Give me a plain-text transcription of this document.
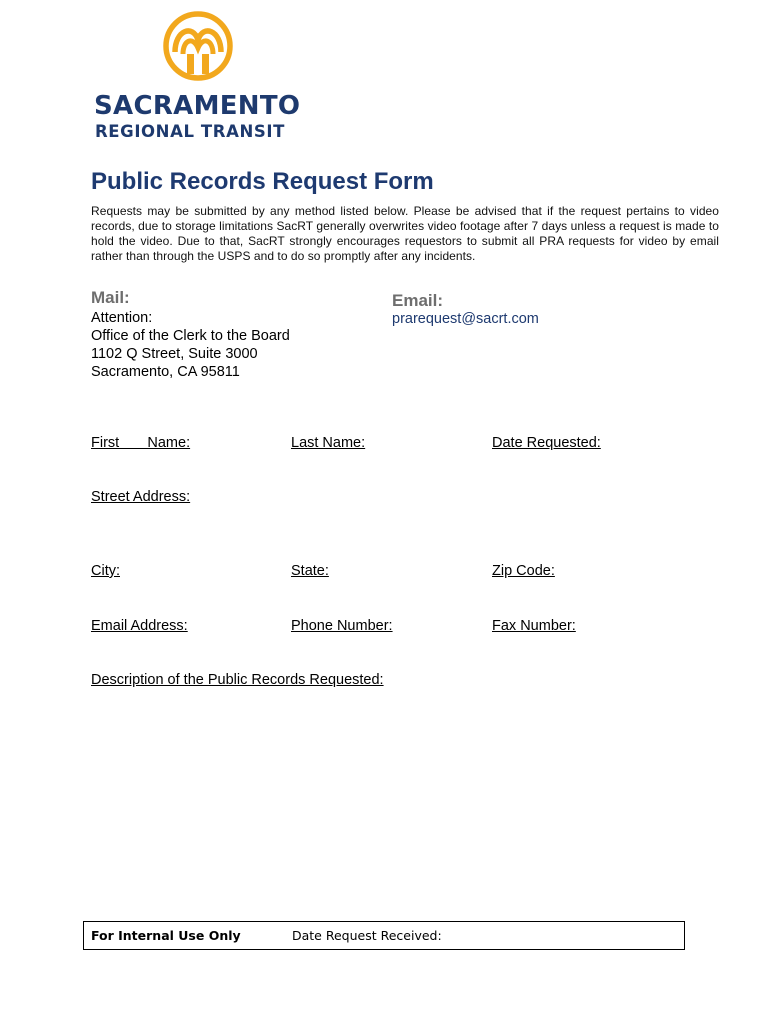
SACRAMENTO
REGIONAL TRANSIT
Public Records Request Form
Requests may be submitted by any method listed below. Please be advised that if the request pertains to video records, due to storage limitations SacRT generally overwrites video footage after 7 days unless a request is made to hold the video. Due to that, SacRT strongly encourages requestors to submit all PRA requests for video by email rather than through the USPS and to do so promptly after any incidents.
Mail:
Attention:
Office of the Clerk to the Board 1102 Q Street, Suite 3000
Sacramento, CA 95811
Email:
prarequest@sacrt.com
First       Name:	Last Name:	Date Requested:
Street Address:
City:	State:	Zip Code:
Email Address:	Phone Number:	Fax Number:
Description of the Public Records Requested:
For Internal Use Only	Date Request Received:
